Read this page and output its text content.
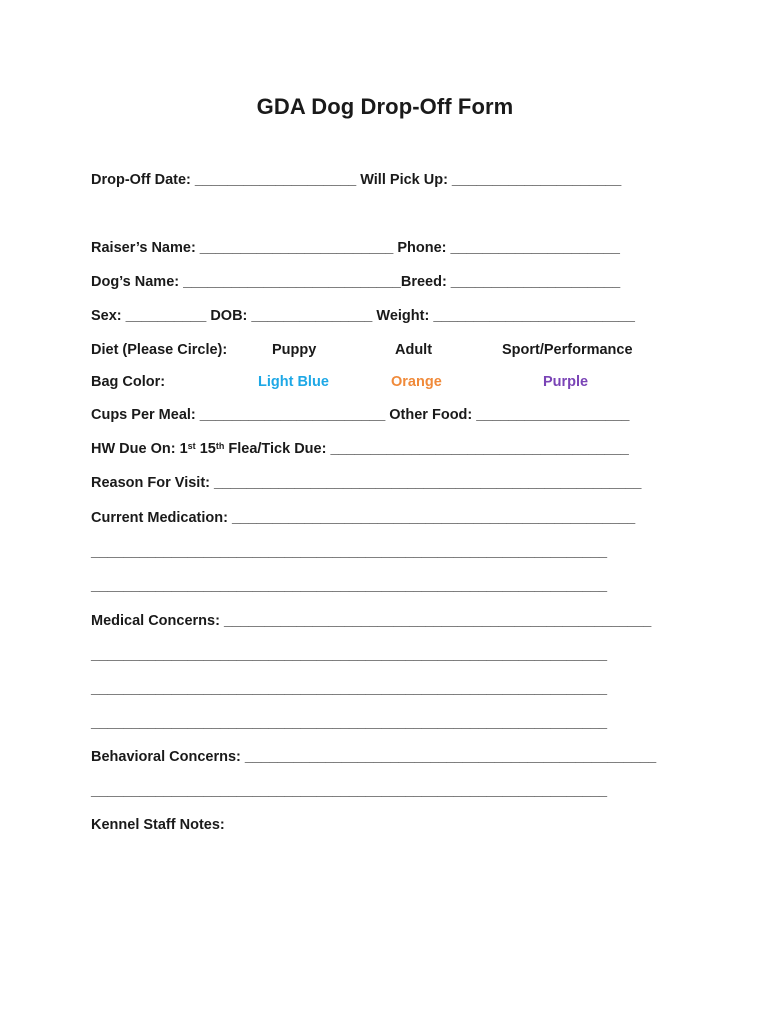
GDA Dog Drop-Off Form
Drop-Off Date: ____________________ Will Pick Up: _____________________
Raiser’s Name: ________________________ Phone: _____________________
Dog’s Name: ___________________________Breed: _____________________
Sex: __________ DOB: _______________ Weight: _________________________
Diet (Please Circle):	Puppy	Adult	Sport/Performance
Bag Color:	Light Blue	Orange	Purple
Cups Per Meal: _______________________ Other Food: ___________________
HW Due On: 1st 15th Flea/Tick Due: _____________________________________
Reason For Visit: _____________________________________________________
Current Medication: __________________________________________________
________________________________________________________________
________________________________________________________________
Medical Concerns: _____________________________________________________
________________________________________________________________
________________________________________________________________
________________________________________________________________
Behavioral Concerns: ___________________________________________________
________________________________________________________________
Kennel Staff Notes:
